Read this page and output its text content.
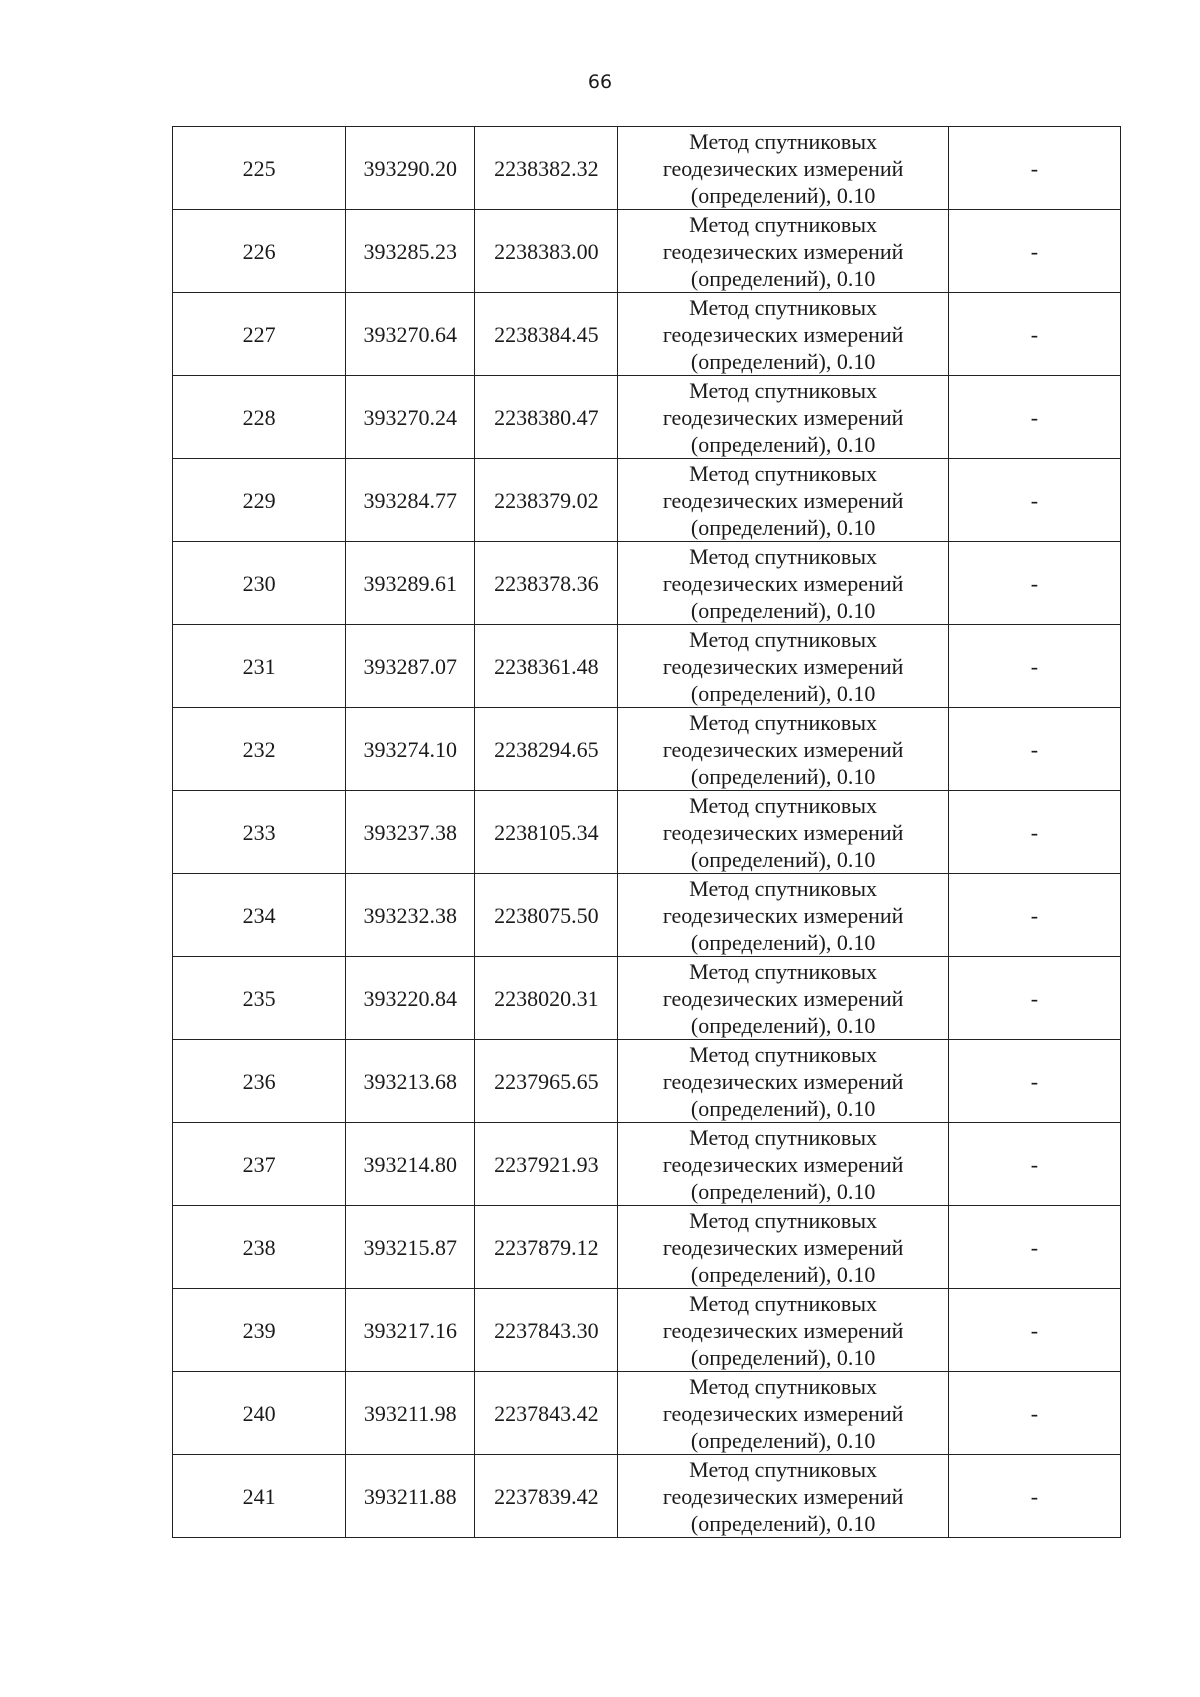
66
225	393290.20	2238382.32	Метод спутниковых
геодезических измерений
(определений), 0.10	-
226	393285.23	2238383.00	Метод спутниковых
геодезических измерений
(определений), 0.10	-
227	393270.64	2238384.45	Метод спутниковых
геодезических измерений
(определений), 0.10	-
228	393270.24	2238380.47	Метод спутниковых
геодезических измерений
(определений), 0.10	-
229	393284.77	2238379.02	Метод спутниковых
геодезических измерений
(определений), 0.10	-
230	393289.61	2238378.36	Метод спутниковых
геодезических измерений
(определений), 0.10	-
231	393287.07	2238361.48	Метод спутниковых
геодезических измерений
(определений), 0.10	-
232	393274.10	2238294.65	Метод спутниковых
геодезических измерений
(определений), 0.10	-
233	393237.38	2238105.34	Метод спутниковых
геодезических измерений
(определений), 0.10	-
234	393232.38	2238075.50	Метод спутниковых
геодезических измерений
(определений), 0.10	-
235	393220.84	2238020.31	Метод спутниковых
геодезических измерений
(определений), 0.10	-
236	393213.68	2237965.65	Метод спутниковых
геодезических измерений
(определений), 0.10	-
237	393214.80	2237921.93	Метод спутниковых
геодезических измерений
(определений), 0.10	-
238	393215.87	2237879.12	Метод спутниковых
геодезических измерений
(определений), 0.10	-
239	393217.16	2237843.30	Метод спутниковых
геодезических измерений
(определений), 0.10	-
240	393211.98	2237843.42	Метод спутниковых
геодезических измерений
(определений), 0.10	-
241	393211.88	2237839.42	Метод спутниковых
геодезических измерений
(определений), 0.10	-
